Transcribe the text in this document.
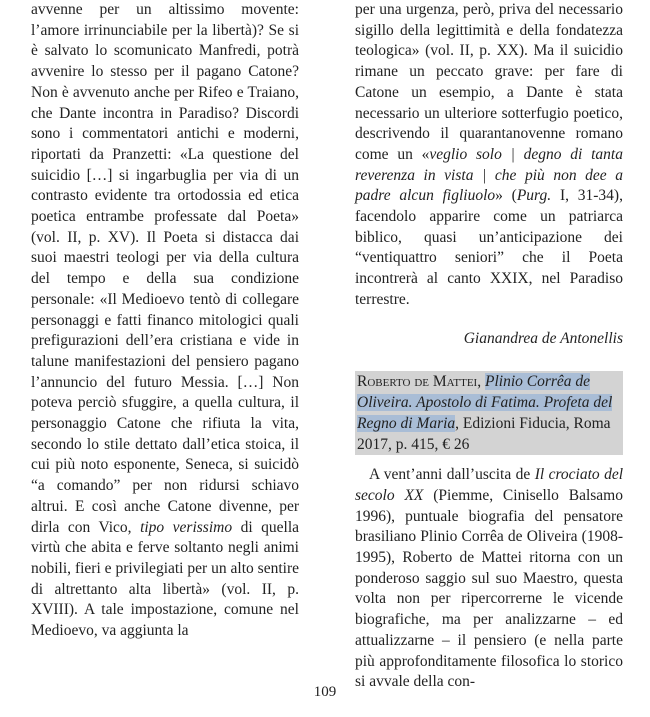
avvenne per un altissimo movente: l’amore irrinunciabile per la libertà)? Se si è salvato lo scomunicato Manfredi, potrà avvenire lo stesso per il pagano Catone? Non è avvenuto anche per Rifeo e Traiano, che Dante incontra in Paradiso? Discordi sono i commentatori antichi e moderni, riportati da Pranzetti: «La questione del suicidio […] si ingarbuglia per via di un contrasto evidente tra ortodossia ed etica poetica entrambe professate dal Poeta» (vol. II, p. XV). Il Poeta si distacca dai suoi maestri teologi per via della cultura del tempo e della sua condizione personale: «Il Medioevo tentò di collegare personaggi e fatti financo mitologici quali prefigurazioni dell’era cristiana e vide in talune manifestazioni del pensiero pagano l’annuncio del futuro Messia. […] Non poteva perciò sfuggire, a quella cultura, il personaggio Catone che rifiuta la vita, secondo lo stile dettato dall’etica stoica, il cui più noto esponente, Seneca, si suicidò “a comando” per non ridursi schiavo altrui. E così anche Catone divenne, per dirla con Vico, tipo verissimo di quella virtù che abita e ferve soltanto negli animi nobili, fieri e privilegiati per un alto sentire di altrettanto alta libertà» (vol. II, p. XVIII). A tale impostazione, comune nel Medioevo, va aggiunta la

per una urgenza, però, priva del necessario sigillo della legittimità e della fondatezza teologica» (vol. II, p. XX). Ma il suicidio rimane un peccato grave: per fare di Catone un esempio, a Dante è stata necessario un ulteriore sotterfugio poetico, descrivendo il quarantanovenne romano come un «veglio solo | degno di tanta reverenza in vista | che più non dee a padre alcun figliuolo» (Purg. I, 31-34), facendolo apparire come un patriarca biblico, quasi un’anticipazione dei “ventiquattro seniori” che il Poeta incontrerà al canto XXIX, nel Paradiso terrestre.

Gianandrea de Antonellis

Roberto de Mattei, Plinio Corrêa de Oliveira. Apostolo di Fatima. Profeta del Regno di Maria, Edizioni Fiducia, Roma 2017, p. 415, € 26

A vent’anni dall’uscita de Il crociato del secolo XX (Piemme, Cinisello Balsamo 1996), puntuale biografia del pensatore brasiliano Plinio Corrêa de Oliveira (1908-1995), Roberto de Mattei ritorna con un ponderoso saggio sul suo Maestro, questa volta non per ripercorrerne le vicende biografiche, ma per analizzarne – ed attualizzarne – il pensiero (e nella parte più approfonditamente filosofica lo storico si avvale della con-

109
